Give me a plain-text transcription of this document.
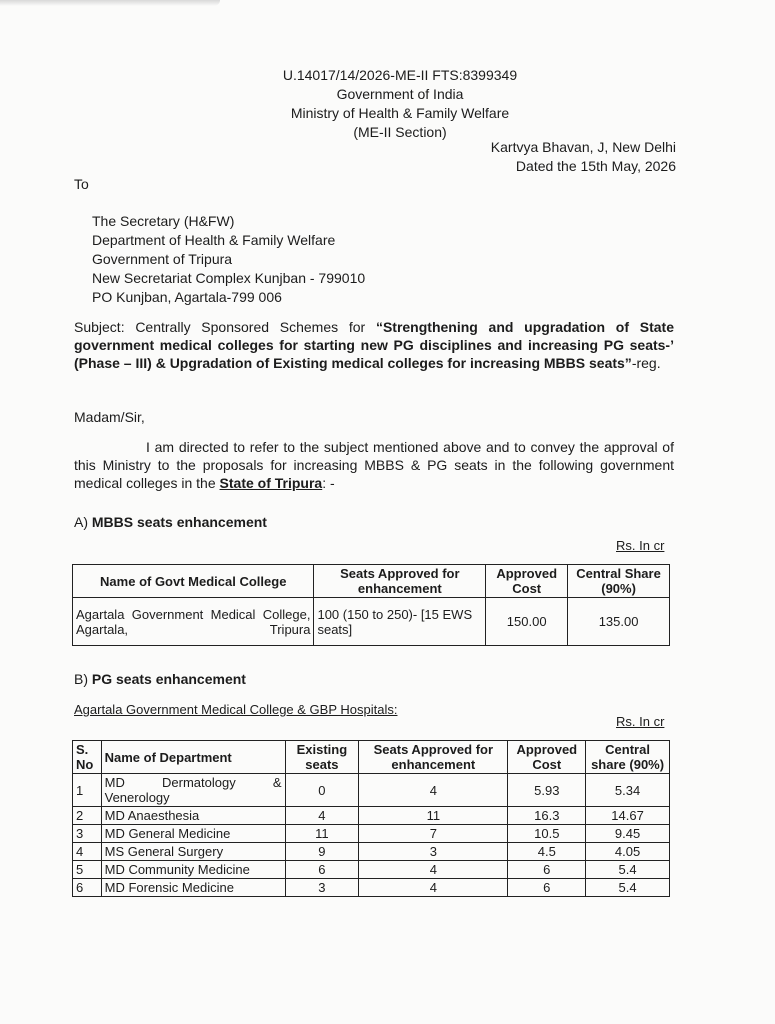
U.14017/14/2026-ME-II FTS:8399349
Government of India
Ministry of Health & Family Welfare
(ME-II Section)
Kartvya Bhavan, J, New Delhi
Dated the 15th May, 2026
To
The Secretary (H&FW)
Department of Health & Family Welfare
Government of Tripura
New Secretariat Complex Kunjban - 799010
PO Kunjban, Agartala-799 006
Subject: Centrally Sponsored Schemes for “Strengthening and upgradation of State government medical colleges for starting new PG disciplines and increasing PG seats-’ (Phase – III) & Upgradation of Existing medical colleges for increasing MBBS seats”-reg.
Madam/Sir,
I am directed to refer to the subject mentioned above and to convey the approval of this Ministry to the proposals for increasing MBBS & PG seats in the following government medical colleges in the State of Tripura: -
A) MBBS seats enhancement
Rs. In cr
Name of Govt Medical College	Seats Approved for enhancement	Approved Cost	Central Share (90%)
Agartala Government Medical College, Agartala, Tripura	100 (150 to 250)- [15 EWS seats]	150.00	135.00
B) PG seats enhancement
Agartala Government Medical College & GBP Hospitals:
Rs. In cr
S. No	Name of Department	Existing seats	Seats Approved for enhancement	Approved Cost	Central share (90%)
1	MD Dermatology & Venerology	0	4	5.93	5.34
2	MD Anaesthesia	4	11	16.3	14.67
3	MD General Medicine	11	7	10.5	9.45
4	MS General Surgery	9	3	4.5	4.05
5	MD Community Medicine	6	4	6	5.4
6	MD Forensic Medicine	3	4	6	5.4
